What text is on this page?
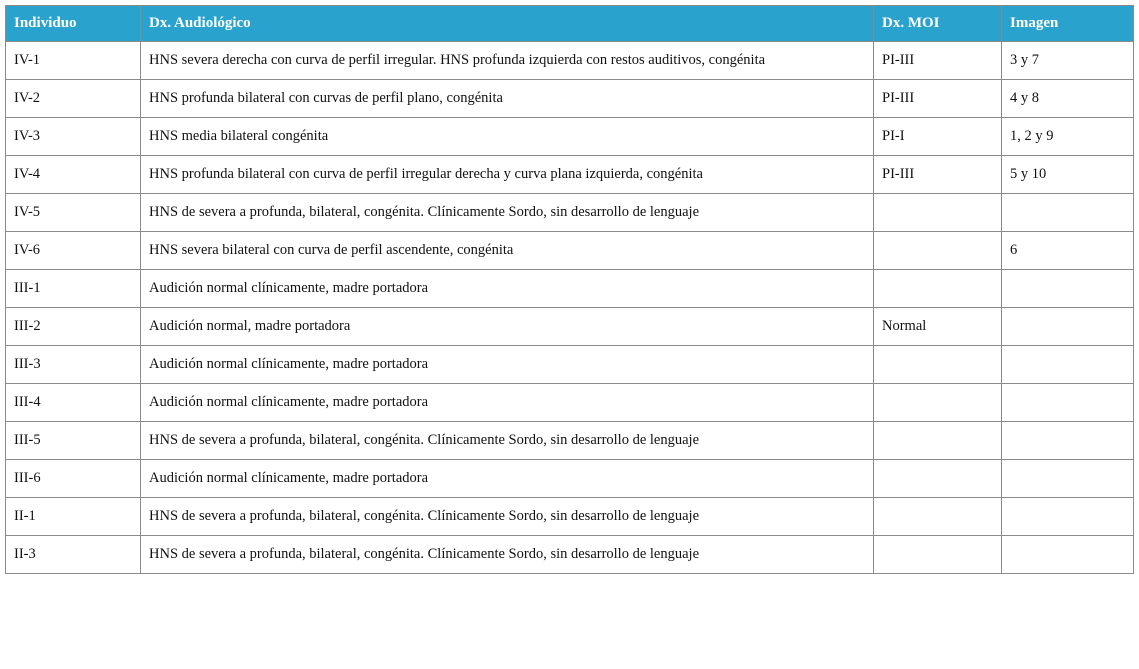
Individuo	Dx. Audiológico	Dx. MOI	Imagen
IV-1	HNS severa derecha con curva de perfil irregular. HNS profunda izquierda con restos auditivos, congénita	PI-III	3 y 7
IV-2	HNS profunda bilateral con curvas de perfil plano, congénita	PI-III	4 y 8
IV-3	HNS media bilateral congénita	PI-I	1, 2 y 9
IV-4	HNS profunda bilateral con curva de perfil irregular derecha y curva plana izquierda, congénita	PI-III	5 y 10
IV-5	HNS de severa a profunda, bilateral, congénita. Clínicamente Sordo, sin desarrollo de lenguaje		
IV-6	HNS severa bilateral con curva de perfil ascendente, congénita		6
III-1	Audición normal clínicamente, madre portadora		
III-2	Audición normal, madre portadora	Normal	
III-3	Audición normal clínicamente, madre portadora		
III-4	Audición normal clínicamente, madre portadora		
III-5	HNS de severa a profunda, bilateral, congénita. Clínicamente Sordo, sin desarrollo de lenguaje		
III-6	Audición normal clínicamente, madre portadora		
II-1	HNS de severa a profunda, bilateral, congénita. Clínicamente Sordo, sin desarrollo de lenguaje		
II-3	HNS de severa a profunda, bilateral, congénita. Clínicamente Sordo, sin desarrollo de lenguaje		
